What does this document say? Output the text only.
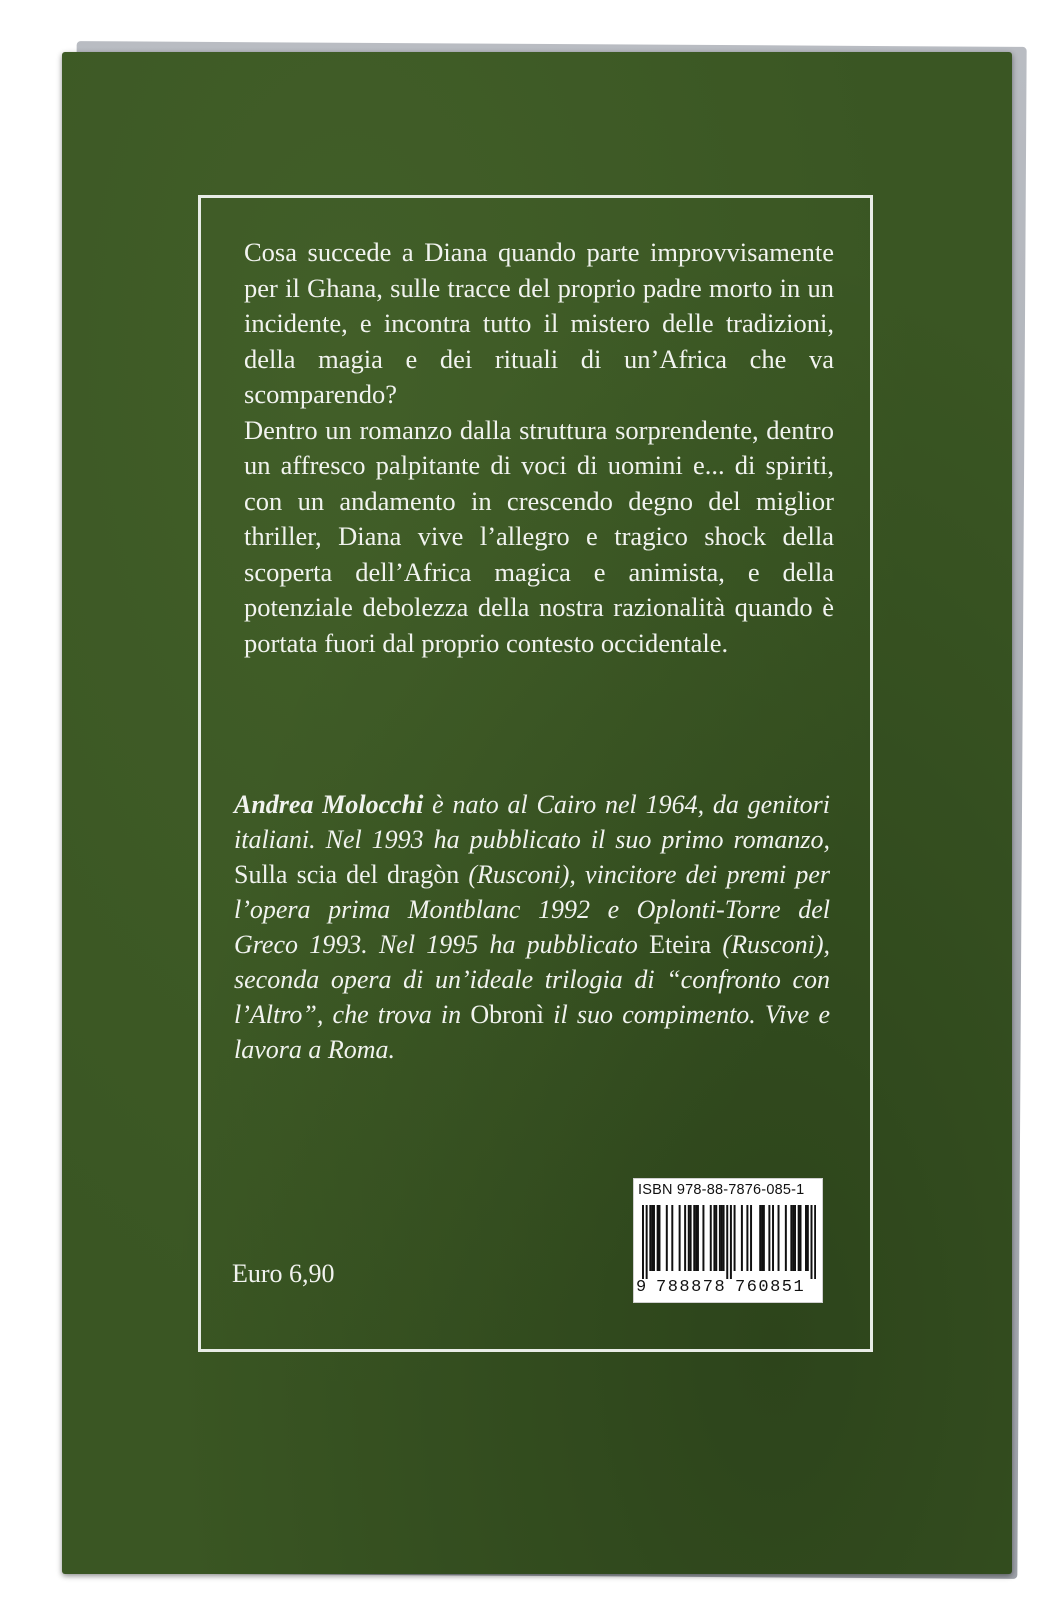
Cosa succede a Diana quando parte improvvisamente per il Ghana, sulle tracce del proprio padre morto in un incidente, e incontra tutto il mistero delle tradizioni, della magia e dei rituali di un’Africa che va scomparendo?

Dentro un romanzo dalla struttura sorprendente, dentro un affresco palpitante di voci di uomini e... di spiriti, con un andamento in crescendo degno del miglior thriller, Diana vive l’allegro e tragico shock della scoperta dell’Africa magica e animista, e della potenziale debolezza della nostra razionalità quando è portata fuori dal proprio contesto occidentale.

Andrea Molocchi è nato al Cairo nel 1964, da genitori italiani. Nel 1993 ha pubblicato il suo primo romanzo, Sulla scia del dragòn (Rusconi), vincitore dei premi per l’opera prima Montblanc 1992 e Oplonti-Torre del Greco 1993. Nel 1995 ha pubblicato Eteira (Rusconi), seconda opera di un’ideale trilogia di “confronto con l’Altro”, che trova in Obronì il suo compimento. Vive e lavora a Roma.
Euro 6,90
ISBN 978-88-7876-085-1
9 788878 760851
